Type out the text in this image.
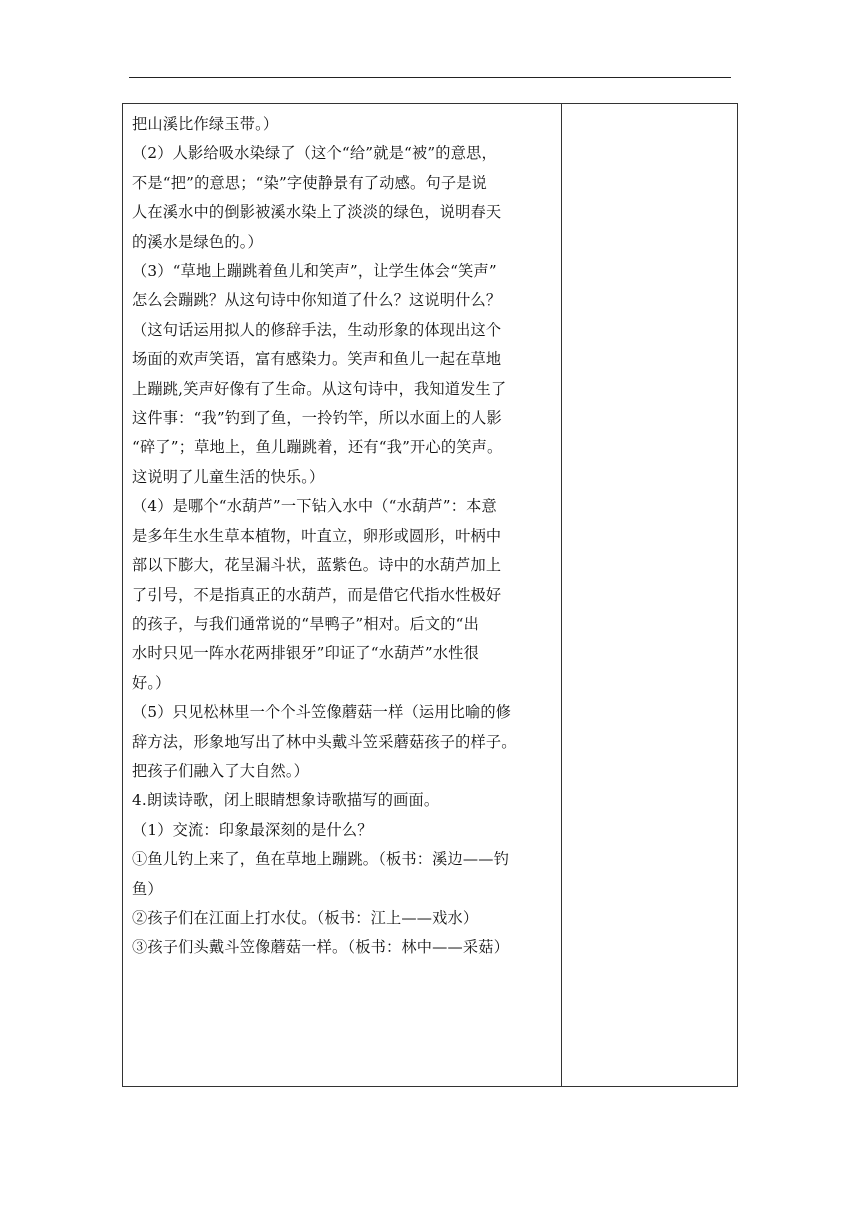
把山溪比作绿玉带。）

（2）人影给吸水染绿了（这个“给”就是“被”的意思，

不是“把”的意思；“染”字使静景有了动感。句子是说

人在溪水中的倒影被溪水染上了淡淡的绿色，说明春天

的溪水是绿色的。）

（3）“草地上蹦跳着鱼儿和笑声”，让学生体会“笑声”

怎么会蹦跳？从这句诗中你知道了什么？这说明什么？

（这句话运用拟人的修辞手法，生动形象的体现出这个

场面的欢声笑语，富有感染力。笑声和鱼儿一起在草地

上蹦跳,笑声好像有了生命。从这句诗中，我知道发生了

这件事：“我”钓到了鱼，一拎钓竿，所以水面上的人影

“碎了”；草地上，鱼儿蹦跳着，还有“我”开心的笑声。

这说明了儿童生活的快乐。）

（4）是哪个“水葫芦”一下钻入水中（“水葫芦”：本意

是多年生水生草本植物，叶直立，卵形或圆形，叶柄中

部以下膨大，花呈漏斗状，蓝紫色。诗中的水葫芦加上

了引号，不是指真正的水葫芦，而是借它代指水性极好

的孩子，与我们通常说的“旱鸭子”相对。后文的“出

水时只见一阵水花两排银牙”印证了“水葫芦”水性很

好。）

（5）只见松林里一个个斗笠像蘑菇一样（运用比喻的修

辞方法，形象地写出了林中头戴斗笠采蘑菇孩子的样子。

把孩子们融入了大自然。）

4.朗读诗歌，闭上眼睛想象诗歌描写的画面。

（1）交流：印象最深刻的是什么？

①鱼儿钓上来了，鱼在草地上蹦跳。（板书：溪边——钓

鱼）

②孩子们在江面上打水仗。（板书：江上——戏水）

③孩子们头戴斗笠像蘑菇一样。（板书：林中——采菇）
